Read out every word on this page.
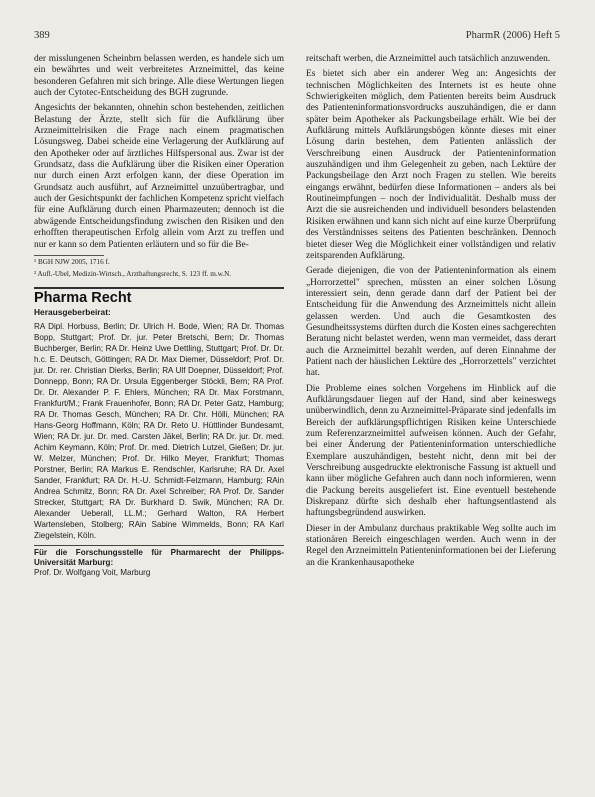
389	PharmR (2006) Heft 5

der misslungenen Scheinbrn belassen werden, es handele sich um ein bewährtes und weit verbreitetes Arzneimittel, das keine besonderen Gefahren mit sich bringe. Alle diese Wertungen liegen auch der Cytotec-Entscheidung des BGH zugrunde.

Angesichts der bekannten, ohnehin schon bestehenden, zeitlichen Belastung der Ärzte, stellt sich für die Aufklärung über Arzneimittelrisiken die Frage nach einem pragmatischen Lösungsweg. Dabei scheide eine Verlagerung der Aufklärung auf den Apotheker oder auf ärztliches Hilfspersonal aus. Zwar ist der Grundsatz, dass die Aufklärung über die Risiken einer Operation nur durch einen Arzt erfolgen kann, der diese Operation im Grundsatz auch ausführt, auf Arzneimittel unzuübertragbar, und auch der Gesichtspunkt der fachlichen Kompetenz spricht vielfach für eine Aufklärung durch einen Pharmazeuten; dennoch ist die abwägende Entscheidungsfindung zwischen den Risiken und den erhofften therapeutischen Erfolg allein vom Arzt zu treffen und nur er kann so dem Patienten erläutern und so für die Be-

¹ BGH NJW 2005, 1716 f.

² Aufl.-Ubel, Medizin-Wirtsch., Arzthaftungsrecht, S. 123 ff. m.w.N.

Pharma Recht
Herausgeberbeirat:

RA Dipl. Horbuss, Berlin; Dr. Ulrich H. Bode, Wien; RA Dr. Thomas Bopp, Stuttgart; Prof. Dr. jur. Peter Bretschi, Bern; Dr. Thomas Buchberger, Berlin; RA Dr. Heinz Uwe Dettling, Stuttgart; Prof. Dr. Dr. h.c. E. Deutsch, Göttingen; RA Dr. Max Diemer, Düsseldorf; Prof. Dr. jur. Dr. rer. Christian Dierks, Berlin; RA Ulf Doepner, Düsseldorf; Prof. Donnepp, Bonn; RA Dr. Ursula Eggenberger Stöckli, Bern; RA Prof. Dr. Dr. Alexander P. F. Ehlers, München; RA Dr. Max Forstmann, Frankfurt/M.; Frank Frauenhofer, Bonn; RA Dr. Peter Gatz, Hamburg; RA Dr. Thomas Gesch, München; RA Dr. Chr. Hölli, München; RA Hans-Georg Hoffmann, Köln; RA Dr. Reto U. Hüttlinder Bundesamt, Wien; RA Dr. jur. Dr. med. Carsten Jäkel, Berlin; RA Dr. jur. Dr. med. Achim Keymann, Köln; Prof. Dr. med. Dietrich Lutzel, Gießen; Dr. jur. W. Melzer, München; Prof. Dr. Hilko Meyer, Frankfurt; Thomas Porstner, Berlin; RA Markus E. Rendschler, Karlsruhe; RA Dr. Axel Sander, Frankfurt; RA Dr. H.-U. Schmidt-Felzmann, Hamburg; RAin Andrea Schmitz, Bonn; RA Dr. Axel Schreiber; RA Prof. Dr. Sander Strecker, Stuttgart; RA Dr. Burkhard D. Swik, München; RA Dr. Alexander Ueberall, LL.M.; Gerhard Walton, RA Herbert Wartensleben, Stolberg; RAin Sabine Wimmelds, Bonn; RA Karl Ziegelstein, Köln.

Für die Forschungsstelle für Pharmarecht der Philipps-Universität Marburg:
Prof. Dr. Wolfgang Voit, Marburg

reitschaft werben, die Arzneimittel auch tatsächlich anzuwenden.

Es bietet sich aber ein anderer Weg an: Angesichts der technischen Möglichkeiten des Internets ist es heute ohne Schwierigkeiten möglich, dem Patienten bereits beim Ausdruck des Patienteninformationsvordrucks auszuhändigen, die er dann später beim Apotheker als Packungsbeilage erhält. Wie bei der Aufklärung mittels Aufklärungsbögen könnte dieses mit einer Lösung darin bestehen, dem Patienten anlässlich der Verschreibung einen Ausdruck der Patienteninformation auszuhändigen und ihm Gelegenheit zu geben, nach Lektüre der Packungsbeilage den Arzt noch Fragen zu stellen. Wie bereits eingangs erwähnt, bedürfen diese Informationen – anders als bei Routineimpfungen – noch der Individualität. Deshalb muss der Arzt die sie ausreichenden und individuell besonders belastenden Risiken erwähnen und kann sich nicht auf eine kurze Überprüfung des Verständnisses seitens des Patienten beschränken. Dennoch bietet dieser Weg die Möglichkeit einer vollständigen und relativ zeitsparenden Aufklärung.

Gerade diejenigen, die von der Patienteninformation als einem „Horrorzettel" sprechen, müssten an einer solchen Lösung interessiert sein, denn gerade dann darf der Patient bei der Entscheidung für die Anwendung des Arzneimittels nicht allein gelassen werden. Und auch die Gesamtkosten des Gesundheitssystems dürften durch die Kosten eines sachgerechten Beratung nicht belastet werden, wenn man vermeidet, dass derart auch die Arzneimittel bezahlt werden, auf deren Einnahme der Patient nach der häuslichen Lektüre des „Horrorzettels" verzichtet hat.

Die Probleme eines solchen Vorgehens im Hinblick auf die Aufklärungsdauer liegen auf der Hand, sind aber keineswegs unüberwindlich, denn zu Arzneimittel-Präparate sind jedenfalls im Bereich der aufklärungspflichtigen Risiken keine Unterschiede zum Referenzarzneimittel aufweisen können. Auch der Gefahr, bei einer Änderung der Patienteninformation unterschiedliche Exemplare auszuhändigen, besteht nicht, denn mit bei der Verschreibung ausgedruckte elektronische Fassung ist aktuell und kann über mögliche Gefahren auch dann noch informieren, wenn die Packung bereits ausgeliefert ist. Eine eventuell bestehende Diskrepanz dürfte sich deshalb eher haftungsentlastend als haftungsbegründend auswirken.

Dieser in der Ambulanz durchaus praktikable Weg sollte auch im stationären Bereich eingeschlagen werden. Auch wenn in der Regel den Arzneimitteln Patienteninformationen bei der Lieferung an die Krankenhausapotheke
